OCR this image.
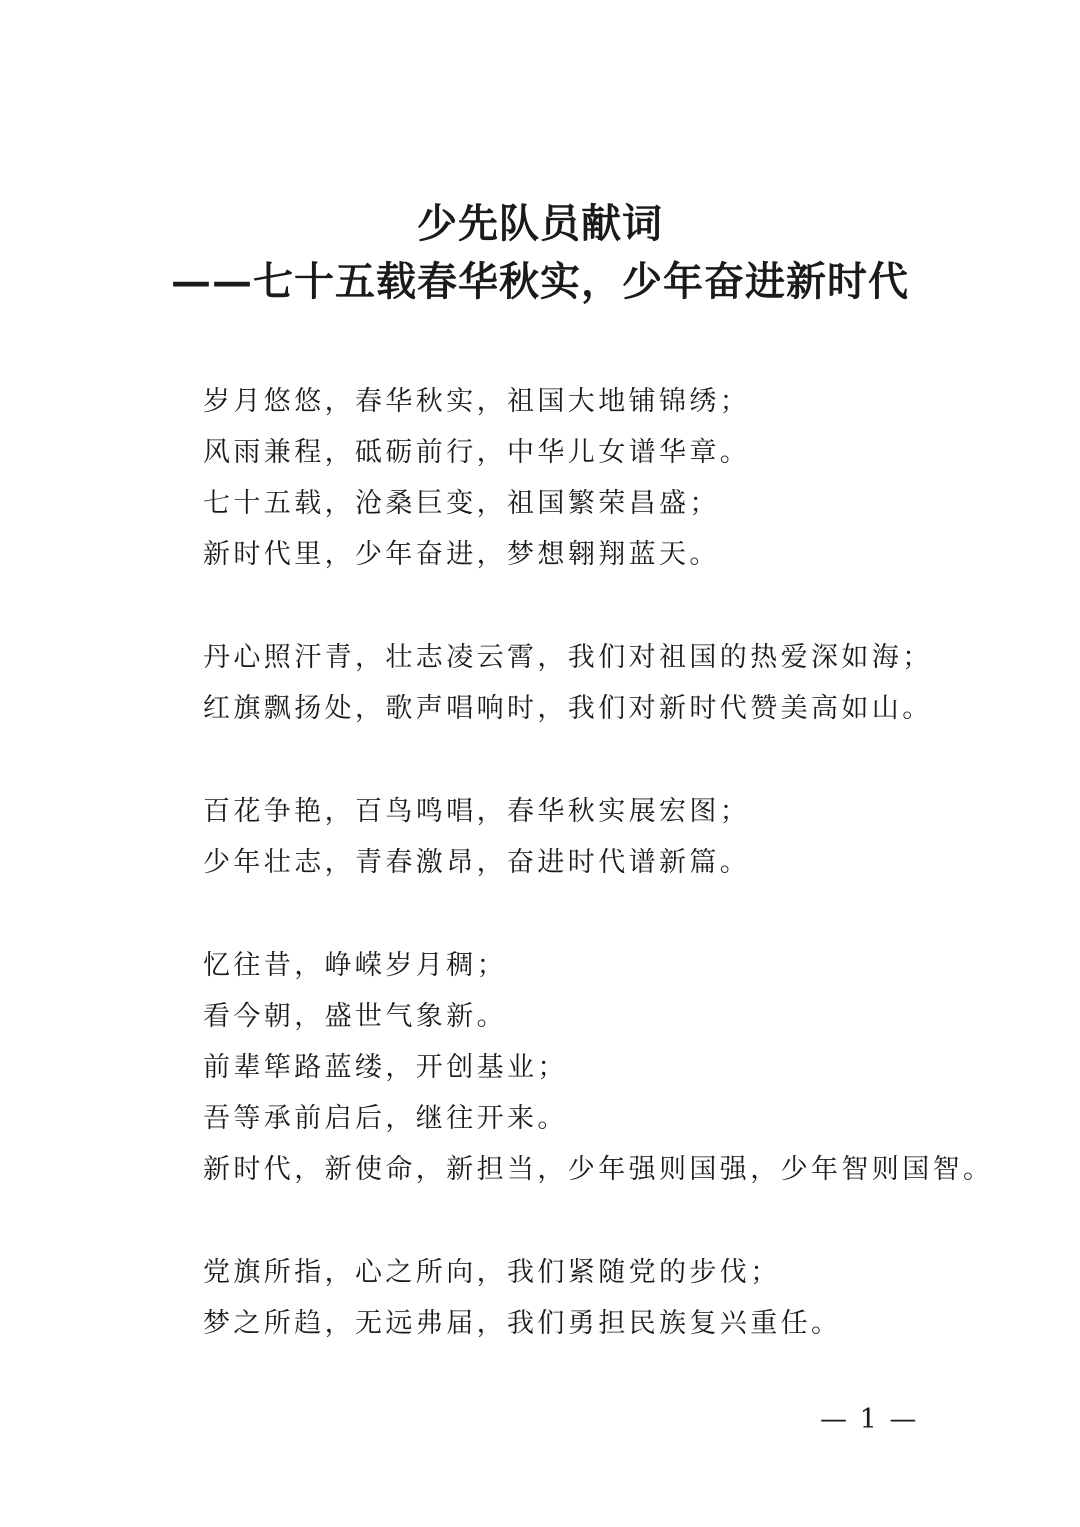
少先队员献词
——七十五载春华秋实，少年奋进新时代
岁月悠悠，春华秋实，祖国大地铺锦绣；
风雨兼程，砥砺前行，中华儿女谱华章。
七十五载，沧桑巨变，祖国繁荣昌盛；
新时代里，少年奋进，梦想翱翔蓝天。
丹心照汗青，壮志凌云霄，我们对祖国的热爱深如海；
红旗飘扬处，歌声唱响时，我们对新时代赞美高如山。
百花争艳，百鸟鸣唱，春华秋实展宏图；
少年壮志，青春激昂，奋进时代谱新篇。
忆往昔，峥嵘岁月稠；
看今朝，盛世气象新。
前辈筚路蓝缕，开创基业；
吾等承前启后，继往开来。
新时代，新使命，新担当，少年强则国强，少年智则国智。
党旗所指，心之所向，我们紧随党的步伐；
梦之所趋，无远弗届，我们勇担民族复兴重任。
— 1 —
